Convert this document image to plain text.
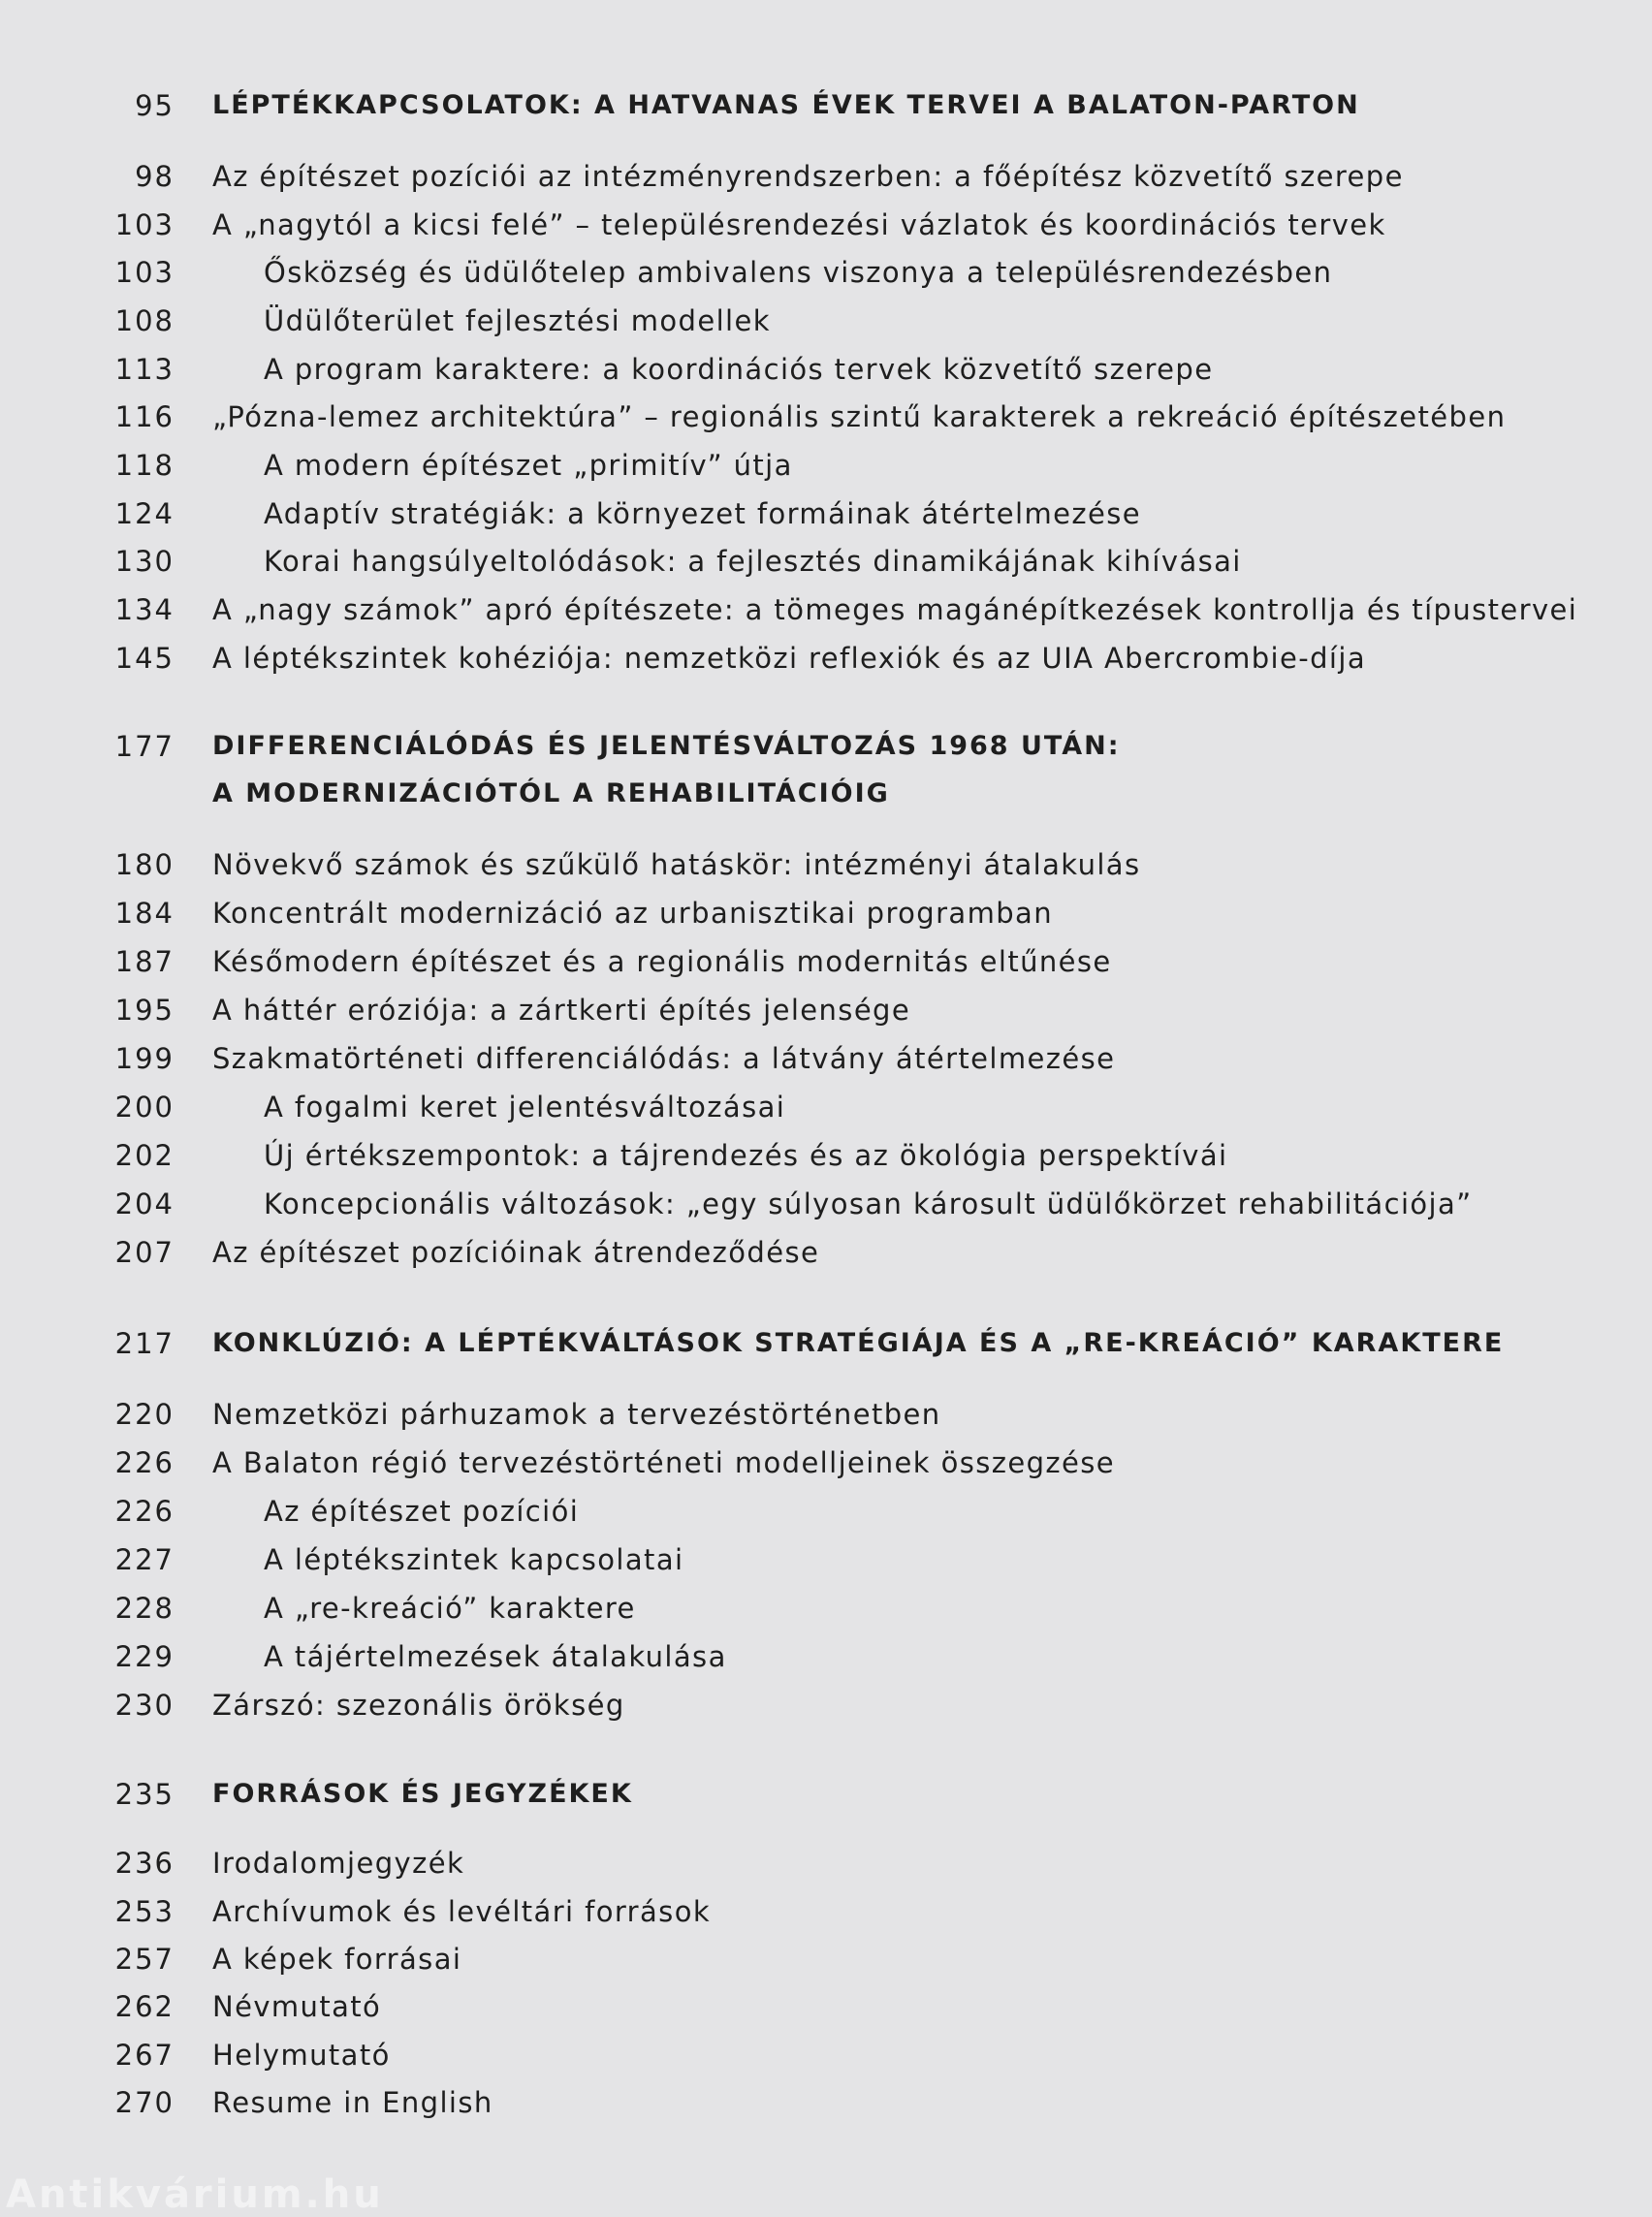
95 LÉPTÉKKAPCSOLATOK: A HATVANAS ÉVEK TERVEI A BALATON-PARTON
98 Az építészet pozíciói az intézményrendszerben: a főépítész közvetítő szerepe
103 A „nagytól a kicsi felé” – településrendezési vázlatok és koordinációs tervek
103	Ősközség és üdülőtelep ambivalens viszonya a településrendezésben
108	Üdülőterület fejlesztési modellek
113	A program karaktere: a koordinációs tervek közvetítő szerepe
116 „Pózna-lemez architektúra” – regionális szintű karakterek a rekreáció építészetében
118	A modern építészet „primitív” útja
124	Adaptív stratégiák: a környezet formáinak átértelmezése
130	Korai hangsúlyeltolódások: a fejlesztés dinamikájának kihívásai
134 A „nagy számok” apró építészete: a tömeges magánépítkezések kontrollja és típustervei
145 A léptékszintek kohéziója: nemzetközi reflexiók és az UIA Abercrombie-díja
177 DIFFERENCIÁLÓDÁS ÉS JELENTÉSVÁLTOZÁS 1968 UTÁN:
A MODERNIZÁCIÓTÓL A REHABILITÁCIÓIG
180 Növekvő számok és szűkülő hatáskör: intézményi átalakulás
184 Koncentrált modernizáció az urbanisztikai programban
187 Későmodern építészet és a regionális modernitás eltűnése
195 A háttér eróziója: a zártkerti építés jelensége
199 Szakmatörténeti differenciálódás: a látvány átértelmezése
200	A fogalmi keret jelentésváltozásai
202	Új értékszempontok: a tájrendezés és az ökológia perspektívái
204	Koncepcionális változások: „egy súlyosan károsult üdülőkörzet rehabilitációja”
207 Az építészet pozícióinak átrendeződése
217 KONKLÚZIÓ: A LÉPTÉKVÁLTÁSOK STRATÉGIÁJA ÉS A „RE-KREÁCIÓ” KARAKTERE
220 Nemzetközi párhuzamok a tervezéstörténetben
226 A Balaton régió tervezéstörténeti modelljeinek összegzése
226	Az építészet pozíciói
227	A léptékszintek kapcsolatai
228	A „re-kreáció” karaktere
229	A tájértelmezések átalakulása
230 Zárszó: szezonális örökség
235 FORRÁSOK ÉS JEGYZÉKEK
236 Irodalomjegyzék
253 Archívumok és levéltári források
257 A képek forrásai
262 Névmutató
267 Helymutató
270 Resume in English
Antikvárium.hu
